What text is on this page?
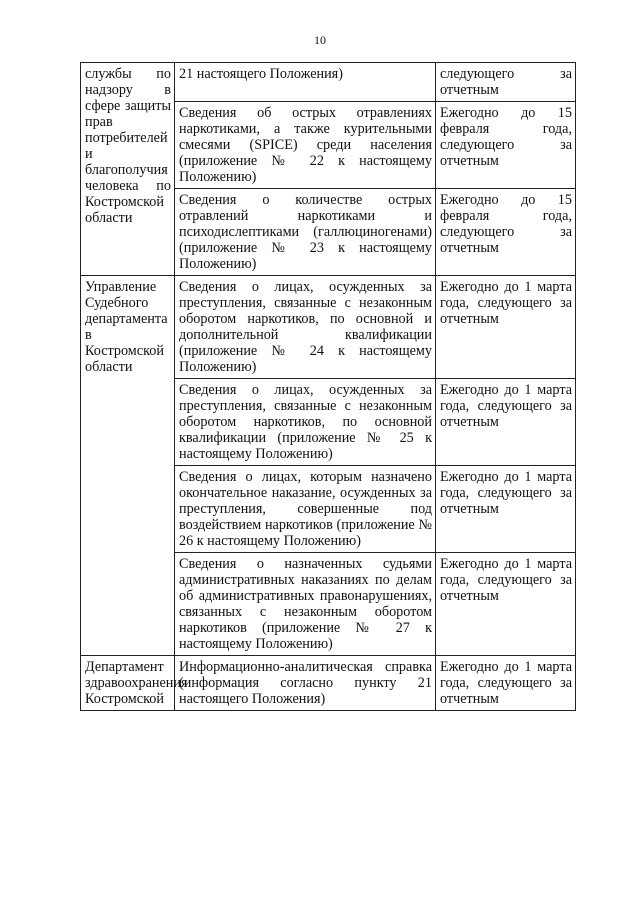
10
службы по надзору в сфере защиты прав потребителей и благополучия человека по Костромской области	21 настоящего Положения)	следующего за отчетным
	Сведения об острых отравлениях наркотиками, а также курительными смесями (SPICE) среди населения (приложение № 22 к настоящему Положению)	Ежегодно до 15 февраля года, следующего за отчетным
	Сведения о количестве острых отравлений наркотиками и психодислептиками (галлюциногенами) (приложение № 23 к настоящему Положению)	Ежегодно до 15 февраля года, следующего за отчетным
Управление Судебного департамента в Костромской области	Сведения о лицах, осужденных за преступления, связанные с незаконным оборотом наркотиков, по основной и дополнительной квалификации (приложение № 24 к настоящему Положению)	Ежегодно до 1 марта года, следующего за отчетным
	Сведения о лицах, осужденных за преступления, связанные с незаконным оборотом наркотиков, по основной квалификации (приложение № 25 к настоящему Положению)	Ежегодно до 1 марта года, следующего за отчетным
	Сведения о лицах, которым назначено окончательное наказание, осужденных за преступления, совершенные под воздействием наркотиков (приложение № 26 к настоящему Положению)	Ежегодно до 1 марта года, следующего за отчетным
	Сведения о назначенных судьями административных наказаниях по делам об административных правонарушениях, связанных с незаконным оборотом наркотиков (приложение № 27 к настоящему Положению)	Ежегодно до 1 марта года, следующего за отчетным
Департамент здравоохранения Костромской	Информационно-аналитическая справка (информация согласно пункту 21 настоящего Положения)	Ежегодно до 1 марта года, следующего за отчетным
